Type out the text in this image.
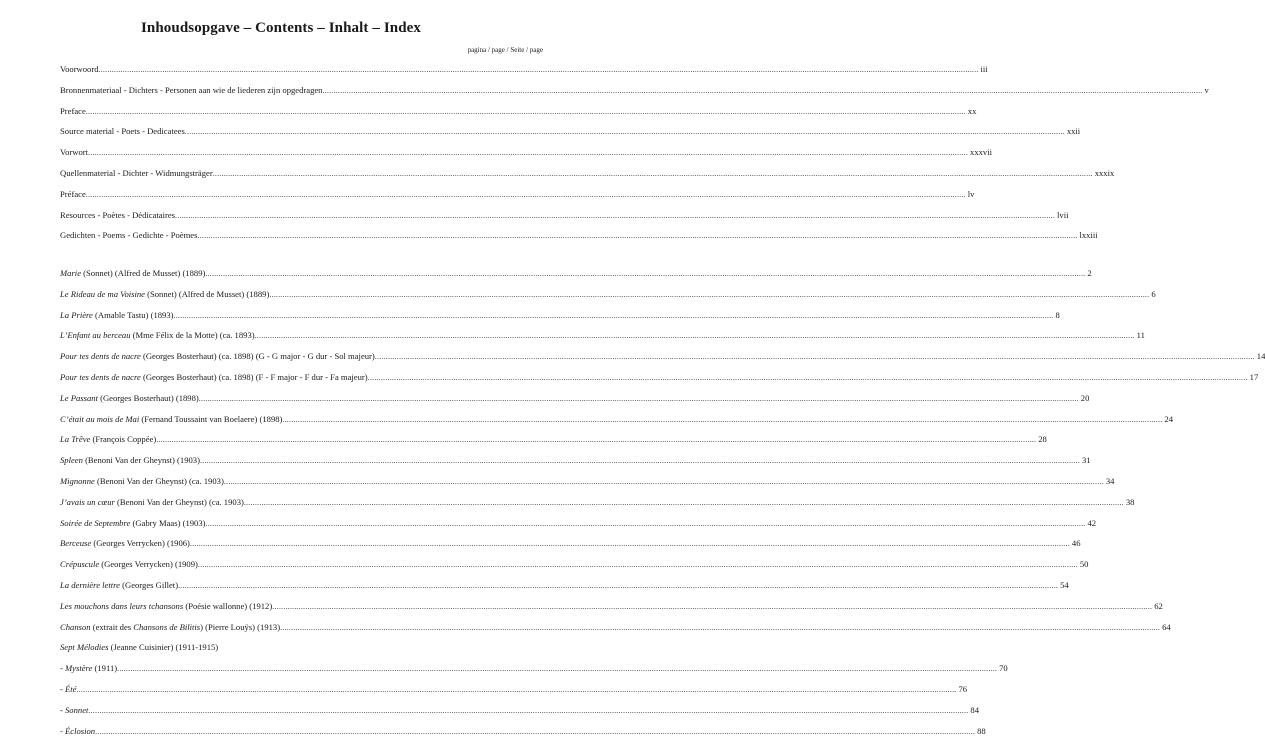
Inhoudsopgave – Contents – Inhalt – Index
pagina / page / Seite / page
Voorwoord ................................................................................................................................................................................................................................................................................................................................................................................................................ iii
Bronnenmateriaal - Dichters - Personen aan wie de liederen zijn opgedragen ................................................................................................................................................................................................................................................................................................................................................................................................................ v
Preface ................................................................................................................................................................................................................................................................................................................................................................................................................ xx
Source material - Poets - Dedicatees ................................................................................................................................................................................................................................................................................................................................................................................................................ xxii
Vorwort ................................................................................................................................................................................................................................................................................................................................................................................................................ xxxvii
Quellenmaterial - Dichter - Widmungsträger ................................................................................................................................................................................................................................................................................................................................................................................................................ xxxix
Préface ................................................................................................................................................................................................................................................................................................................................................................................................................ lv
Resources - Poètes - Dédicataires ................................................................................................................................................................................................................................................................................................................................................................................................................ lvii
Gedichten - Poems - Gedichte - Poèmes ................................................................................................................................................................................................................................................................................................................................................................................................................ lxxiii
Marie (Sonnet) (Alfred de Musset) (1889) ................................................................................................................................................................................................................................................................................................................................................................................................................ 2
Le Rideau de ma Voisine (Sonnet) (Alfred de Musset) (1889) ................................................................................................................................................................................................................................................................................................................................................................................................................ 6
La Prière (Amable Tastu) (1893) ................................................................................................................................................................................................................................................................................................................................................................................................................ 8
L’Enfant au berceau (Mme Félix de la Motte) (ca. 1893) ................................................................................................................................................................................................................................................................................................................................................................................................................ 11
Pour tes dents de nacre (Georges Bosterhaut) (ca. 1898) (G - G major - G dur - Sol majeur) ................................................................................................................................................................................................................................................................................................................................................................................................................ 14
Pour tes dents de nacre (Georges Bosterhaut) (ca. 1898) (F - F major - F dur - Fa majeur) ................................................................................................................................................................................................................................................................................................................................................................................................................ 17
Le Passant (Georges Bosterhaut) (1898) ................................................................................................................................................................................................................................................................................................................................................................................................................ 20
C’était au mois de Mai (Fernand Toussaint van Boelaere) (1898) ................................................................................................................................................................................................................................................................................................................................................................................................................ 24
La Trêve (François Coppée) ................................................................................................................................................................................................................................................................................................................................................................................................................ 28
Spleen (Benoni Van der Gheynst) (1903) ................................................................................................................................................................................................................................................................................................................................................................................................................ 31
Mignonne (Benoni Van der Gheynst) (ca. 1903) ................................................................................................................................................................................................................................................................................................................................................................................................................ 34
J’avais un cœur (Benoni Van der Gheynst) (ca. 1903) ................................................................................................................................................................................................................................................................................................................................................................................................................ 38
Soirée de Septembre (Gabry Maas) (1903) ................................................................................................................................................................................................................................................................................................................................................................................................................ 42
Berceuse (Georges Verrycken) (1906) ................................................................................................................................................................................................................................................................................................................................................................................................................ 46
Crépuscule (Georges Verrycken) (1909) ................................................................................................................................................................................................................................................................................................................................................................................................................ 50
La dernière lettre (Georges Gillet) ................................................................................................................................................................................................................................................................................................................................................................................................................ 54
Les mouchons dans leurs tchansons (Poésie wallonne) (1912) ................................................................................................................................................................................................................................................................................................................................................................................................................ 62
Chanson (extrait des Chansons de Bilitis) (Pierre Louÿs) (1913) ................................................................................................................................................................................................................................................................................................................................................................................................................ 64
Sept Mélodies (Jeanne Cuisinier) (1911-1915)
- Mystère (1911) ................................................................................................................................................................................................................................................................................................................................................................................................................ 70
- Été ................................................................................................................................................................................................................................................................................................................................................................................................................ 76
- Sonnet ................................................................................................................................................................................................................................................................................................................................................................................................................ 84
- Éclosion ................................................................................................................................................................................................................................................................................................................................................................................................................ 88
